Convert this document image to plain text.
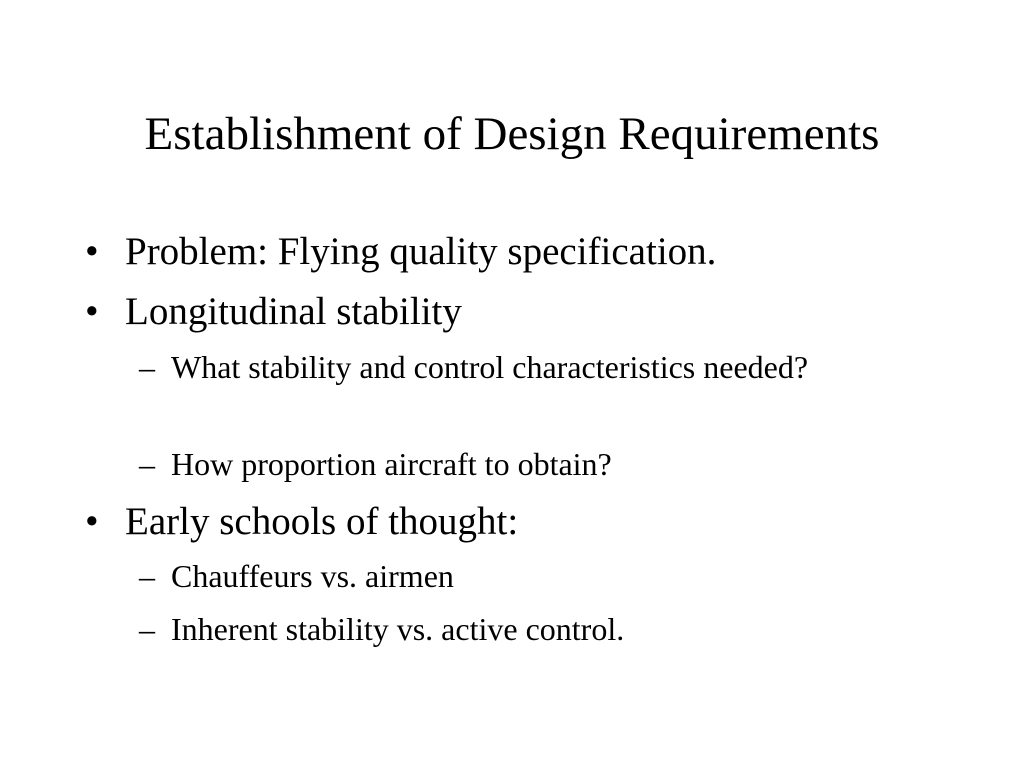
Establishment of Design Requirements
• Problem: Flying quality specification.
• Longitudinal stability
– What stability and control characteristics needed?
– How proportion aircraft to obtain?
• Early schools of thought:
– Chauffeurs vs. airmen
– Inherent stability vs. active control.
